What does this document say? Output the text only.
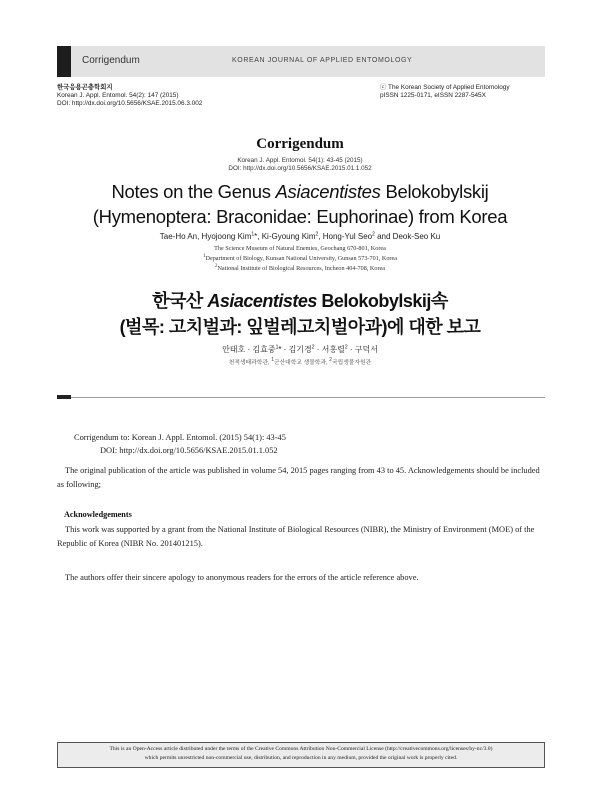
Corrigendum	KOREAN JOURNAL OF APPLIED ENTOMOLOGY
한국응용곤충학회지
Korean J. Appl. Entomol. 54(2): 147 (2015)
DOI: http://dx.doi.org/10.5656/KSAE.2015.06.3.002
ⓒ The Korean Society of Applied Entomology
pISSN 1225-0171, eISSN 2287-545X
Corrigendum
Korean J. Appl. Entomol. 54(1): 43-45 (2015)
DOI: http://dx.doi.org/10.5656/KSAE.2015.01.1.052
Notes on the Genus Asiacentistes Belokobylskij
(Hymenoptera: Braconidae: Euphorinae) from Korea
Tae-Ho An, Hyojoong Kim$^1$*, Ki-Gyoung Kim$^2$, Hong-Yul Seo$^2$ and Deok-Seo Ku
The Science Museum of Natural Enemies, Geochang 670-801, Korea
$^1$Department of Biology, Kunsan National University, Gunsan 573-701, Korea
$^2$National Institute of Biological Resources, Incheon 404-708, Korea
한국산 Asiacentistes Belokobylskij속
(벌목: 고치벌과: 잎벌레고치벌아과)에 대한 보고
안태호 · 김효중$^1$* · 김기경$^2$ · 서홍렬$^2$ · 구덕서
천적생태과학관, $^1$군산대학교 생물학과, $^2$국립생물자원관
Corrigendum to: Korean J. Appl. Entomol. (2015) 54(1): 43-45
DOI: http://dx.doi.org/10.5656/KSAE.2015.01.1.052
The original publication of the article was published in volume 54, 2015 pages ranging from 43 to 45. Acknowledgements should be included as following;
Acknowledgements
This work was supported by a grant from the National Institute of Biological Resources (NIBR), the Ministry of Environment (MOE) of the Republic of Korea (NIBR No. 201401215).
The authors offer their sincere apology to anonymous readers for the errors of the article reference above.
This is an Open-Access article distributed under the terms of the Creative Commons Attribution Non-Commercial License (http://creativecommons.org/licenses/by-nc/3.0)
which permits unrestricted non-commercial use, distribution, and reproduction in any medium, provided the original work is properly cited.
